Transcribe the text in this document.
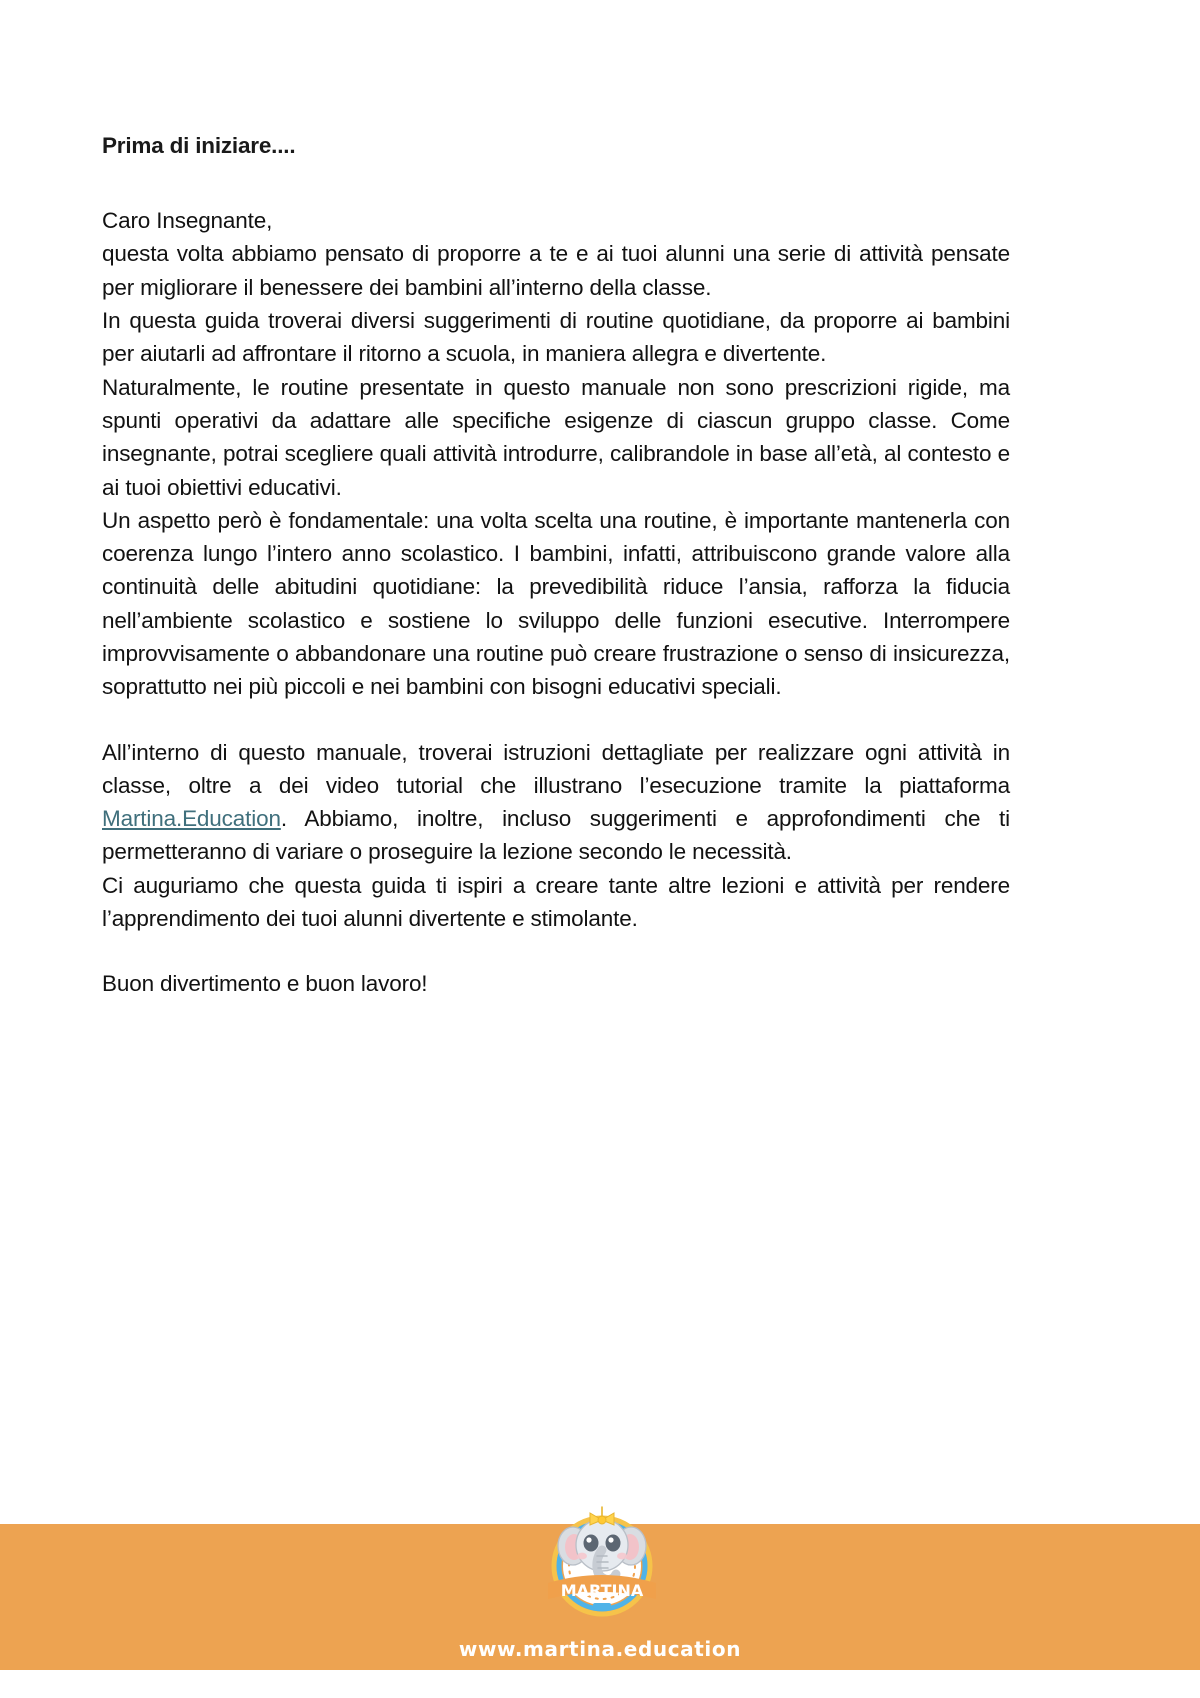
Prima di iniziare....

Caro Insegnante,
questa volta abbiamo pensato di proporre a te e ai tuoi alunni una serie di attività pensate per migliorare il benessere dei bambini all’interno della classe.

In questa guida troverai diversi suggerimenti di routine quotidiane, da proporre ai bambini per aiutarli ad affrontare il ritorno a scuola, in maniera allegra e divertente.

Naturalmente, le routine presentate in questo manuale non sono prescrizioni rigide, ma spunti operativi da adattare alle specifiche esigenze di ciascun gruppo classe. Come insegnante, potrai scegliere quali attività introdurre, calibrandole in base all’età, al contesto e ai tuoi obiettivi educativi.

Un aspetto però è fondamentale: una volta scelta una routine, è importante mantenerla con coerenza lungo l’intero anno scolastico. I bambini, infatti, attribuiscono grande valore alla continuità delle abitudini quotidiane: la prevedibilità riduce l’ansia, rafforza la fiducia nell’ambiente scolastico e sostiene lo sviluppo delle funzioni esecutive. Interrompere improvvisamente o abbandonare una routine può creare frustrazione o senso di insicurezza, soprattutto nei più piccoli e nei bambini con bisogni educativi speciali.

All’interno di questo manuale, troverai istruzioni dettagliate per realizzare ogni attività in classe, oltre a dei video tutorial che illustrano l’esecuzione tramite la piattaforma Martina.Education. Abbiamo, inoltre, incluso suggerimenti e approfondimenti che ti permetteranno di variare o proseguire la lezione secondo le necessità.

Ci auguriamo che questa guida ti ispiri a creare tante altre lezioni e attività per rendere l’apprendimento dei tuoi alunni divertente e stimolante.

Buon divertimento e buon lavoro!

MARTINA
www.martina.education
